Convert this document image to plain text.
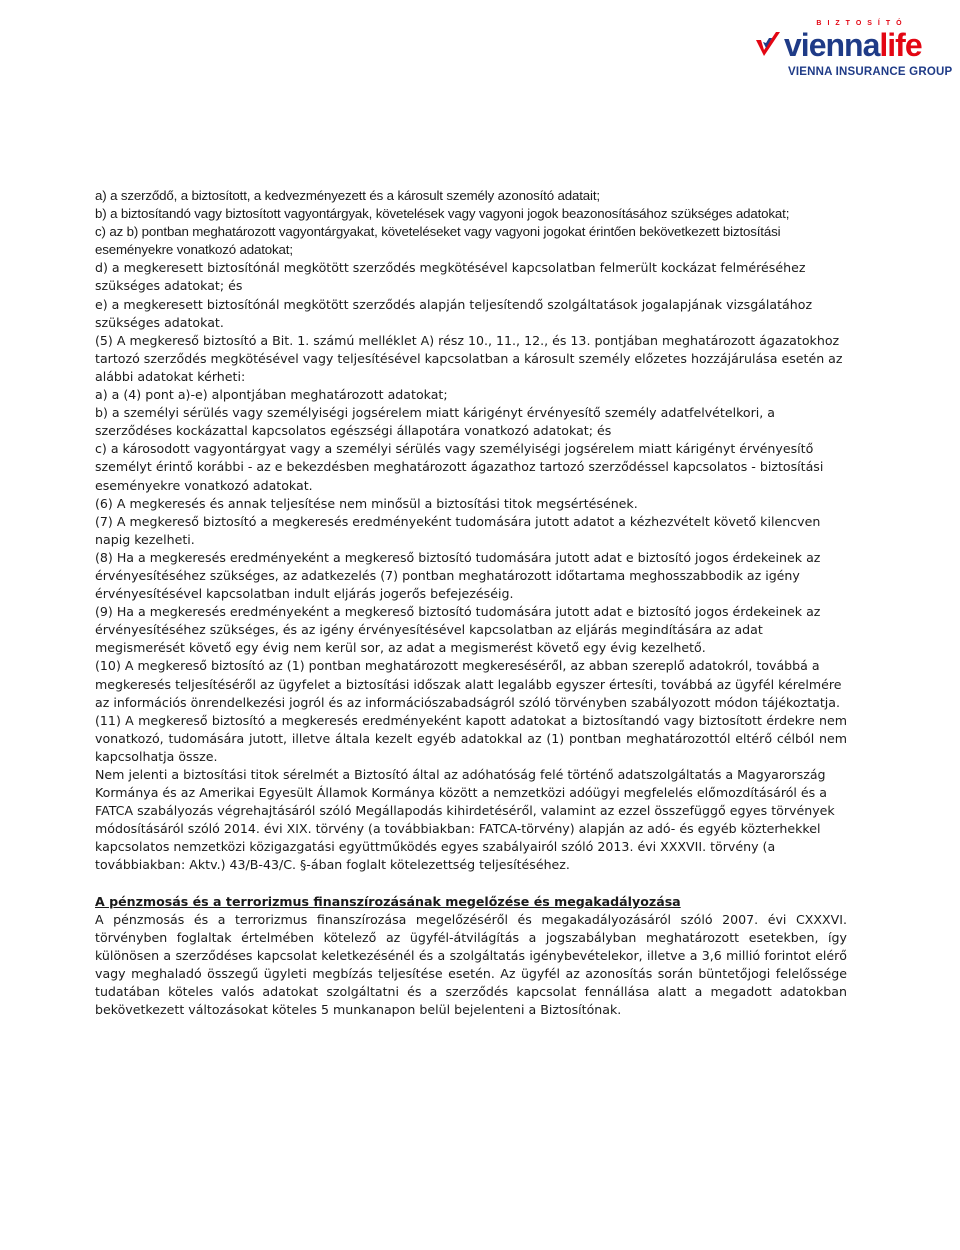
BIZTOSÍTÓ
viennalife
VIENNA INSURANCE GROUP

a) a szerződő, a biztosított, a kedvezményezett és a károsult személy azonosító adatait;

b) a biztosítandó vagy biztosított vagyontárgyak, követelések vagy vagyoni jogok beazonosításához szükséges adatokat;

c) az b) pontban meghatározott vagyontárgyakat, követeléseket vagy vagyoni jogokat érintően bekövetkezett biztosítási eseményekre vonatkozó adatokat;

d) a megkeresett biztosítónál megkötött szerződés megkötésével kapcsolatban felmerült kockázat felméréséhez szükséges adatokat; és

e) a megkeresett biztosítónál megkötött szerződés alapján teljesítendő szolgáltatások jogalapjának vizsgálatához szükséges adatokat.

(5) A megkereső biztosító a Bit. 1. számú melléklet A) rész 10., 11., 12., és 13. pontjában meghatározott ágazatokhoz tartozó szerződés megkötésével vagy teljesítésével kapcsolatban a károsult személy előzetes hozzájárulása esetén az alábbi adatokat kérheti:

a) a (4) pont a)-e) alpontjában meghatározott adatokat;

b) a személyi sérülés vagy személyiségi jogsérelem miatt kárigényt érvényesítő személy adatfelvételkori, a szerződéses kockázattal kapcsolatos egészségi állapotára vonatkozó adatokat; és

c) a károsodott vagyontárgyat vagy a személyi sérülés vagy személyiségi jogsérelem miatt kárigényt érvényesítő személyt érintő korábbi - az e bekezdésben meghatározott ágazathoz tartozó szerződéssel kapcsolatos - biztosítási eseményekre vonatkozó adatokat.

(6) A megkeresés és annak teljesítése nem minősül a biztosítási titok megsértésének.

(7) A megkereső biztosító a megkeresés eredményeként tudomására jutott adatot a kézhezvételt követő kilencven napig kezelheti.

(8) Ha a megkeresés eredményeként a megkereső biztosító tudomására jutott adat e biztosító jogos érdekeinek az érvényesítéséhez szükséges, az adatkezelés (7) pontban meghatározott időtartama meghosszabbodik az igény érvényesítésével kapcsolatban indult eljárás jogerős befejezéséig.

(9) Ha a megkeresés eredményeként a megkereső biztosító tudomására jutott adat e biztosító jogos érdekeinek az érvényesítéséhez szükséges, és az igény érvényesítésével kapcsolatban az eljárás megindítására az adat megismerését követő egy évig nem kerül sor, az adat a megismerést követő egy évig kezelhető.

(10) A megkereső biztosító az (1) pontban meghatározott megkereséséről, az abban szereplő adatokról, továbbá a megkeresés teljesítéséről az ügyfelet a biztosítási időszak alatt legalább egyszer értesíti, továbbá az ügyfél kérelmére az információs önrendelkezési jogról és az információszabadságról szóló törvényben szabályozott módon tájékoztatja.

(11) A megkereső biztosító a megkeresés eredményeként kapott adatokat a biztosítandó vagy biztosított érdekre nem vonatkozó, tudomására jutott, illetve általa kezelt egyéb adatokkal az (1) pontban meghatározottól eltérő célból nem kapcsolhatja össze.

Nem jelenti a biztosítási titok sérelmét a Biztosító által az adóhatóság felé történő adatszolgáltatás a Magyarország Kormánya és az Amerikai Egyesült Államok Kormánya között a nemzetközi adóügyi megfelelés előmozdításáról és a FATCA szabályozás végrehajtásáról szóló Megállapodás kihirdetéséről, valamint az ezzel összefüggő egyes törvények módosításáról szóló 2014. évi XIX. törvény (a továbbiakban: FATCA-törvény) alapján az adó- és egyéb közterhekkel kapcsolatos nemzetközi közigazgatási együttműködés egyes szabályairól szóló 2013. évi XXXVII. törvény (a továbbiakban: Aktv.) 43/B-43/C. §-ában foglalt kötelezettség teljesítéséhez.

A pénzmosás és a terrorizmus finanszírozásának megelőzése és megakadályozása

A pénzmosás és a terrorizmus finanszírozása megelőzéséről és megakadályozásáról szóló 2007. évi CXXXVI. törvényben foglaltak értelmében kötelező az ügyfél-átvilágítás a jogszabályban meghatározott esetekben, így különösen a szerződéses kapcsolat keletkezésénél és a szolgáltatás igénybevételekor, illetve a 3,6 millió forintot elérő vagy meghaladó összegű ügyleti megbízás teljesítése esetén. Az ügyfél az azonosítás során büntetőjogi felelőssége tudatában köteles valós adatokat szolgáltatni és a szerződés kapcsolat fennállása alatt a megadott adatokban bekövetkezett változásokat köteles 5 munkanapon belül bejelenteni a Biztosítónak.
